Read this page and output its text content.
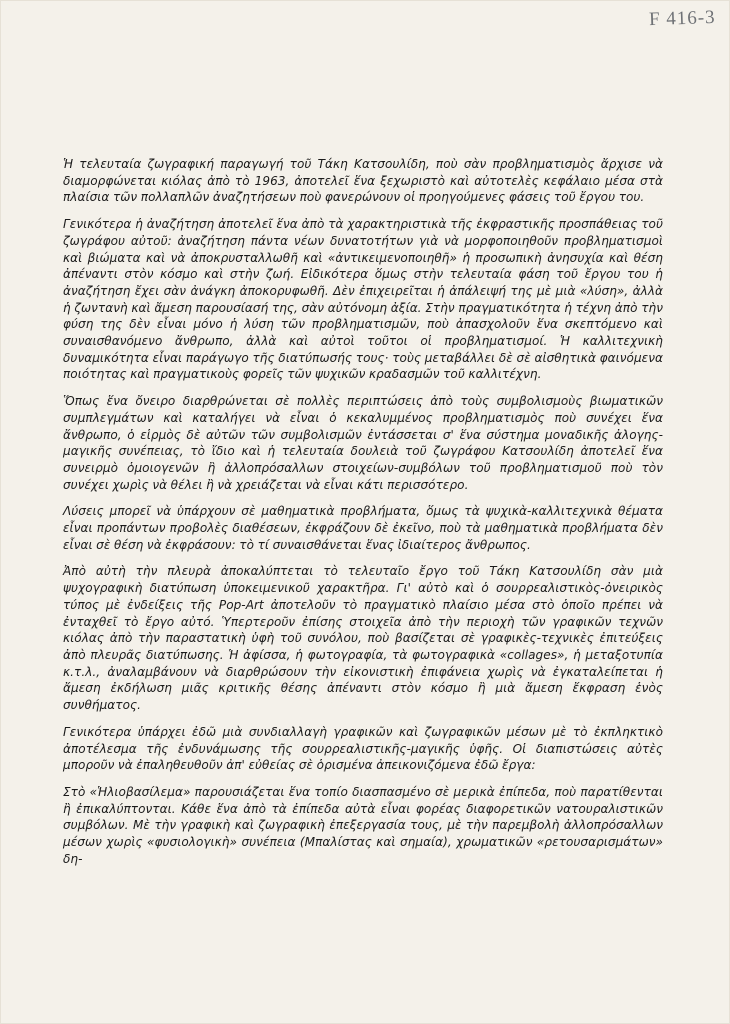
F 416-3

Ἡ τελευταία ζωγραφική παραγωγή τοῦ Τάκη Κατσουλίδη, ποὺ σὰν προβληματισμὸς ἄρχισε νὰ διαμορφώνεται κιόλας ἀπὸ τὸ 1963, ἀποτελεῖ ἕνα ξεχωριστὸ καὶ αὐτοτελὲς κεφάλαιο μέσα στὰ πλαίσια τῶν πολλαπλῶν ἀναζητήσεων ποὺ φανερώνουν οἱ προηγούμενες φάσεις τοῦ ἔργου του.

Γενικότερα ἡ ἀναζήτηση ἀποτελεῖ ἕνα ἀπὸ τὰ χαρακτηριστικὰ τῆς ἐκφραστικῆς προσπάθειας τοῦ ζωγράφου αὐτοῦ: ἀναζήτηση πάντα νέων δυνατοτήτων γιὰ νὰ μορφοποιηθοῦν προβληματισμοὶ καὶ βιώματα καὶ νὰ ἀποκρυσταλλωθῆ καὶ «ἀντικειμενοποιηθῆ» ἡ προσωπικὴ ἀνησυχία καὶ θέση ἀπέναντι στὸν κόσμο καὶ στὴν ζωή. Εἰδικότερα ὅμως στὴν τελευταία φάση τοῦ ἔργου του ἡ ἀναζήτηση ἔχει σὰν ἀνάγκη ἀποκορυφωθῆ. Δὲν ἐπιχειρεῖται ἡ ἀπάλειψή της μὲ μιὰ «λύση», ἀλλὰ ἡ ζωντανὴ καὶ ἄμεση παρουσίασή της, σὰν αὐτόνομη ἀξία. Στὴν πραγματικότητα ἡ τέχνη ἀπὸ τὴν φύση της δὲν εἶναι μόνο ἡ λύση τῶν προβληματισμῶν, ποὺ ἀπασχολοῦν ἕνα σκεπτόμενο καὶ συναισθανόμενο ἄνθρωπο, ἀλλὰ καὶ αὐτοὶ τοῦτοι οἱ προβληματισμοί. Ἡ καλλιτεχνικὴ δυναμικότητα εἶναι παράγωγο τῆς διατύπωσής τους· τοὺς μεταβάλλει δὲ σὲ αἰσθητικὰ φαινόμενα ποιότητας καὶ πραγματικοὺς φορεῖς τῶν ψυχικῶν κραδασμῶν τοῦ καλλιτέχνη.

Ὅπως ἕνα ὄνειρο διαρθρώνεται σὲ πολλὲς περιπτώσεις ἀπὸ τοὺς συμβολισμοὺς βιωματικῶν συμπλεγμάτων καὶ καταλήγει νὰ εἶναι ὁ κεκαλυμμένος προβληματισμὸς ποὺ συνέχει ἕνα ἄνθρωπο, ὁ εἱρμὸς δὲ αὐτῶν τῶν συμβολισμῶν ἐντάσσεται σ' ἕνα σύστημα μοναδικῆς ἀλογης-μαγικῆς συνέπειας, τὸ ἴδιο καὶ ἡ τελευταία δουλειὰ τοῦ ζωγράφου Κατσουλίδη ἀποτελεῖ ἕνα συνειρμὸ ὁμοιογενῶν ἢ ἀλλοπρόσαλλων στοιχείων-συμβόλων τοῦ προβληματισμοῦ ποὺ τὸν συνέχει χωρὶς νὰ θέλει ἢ νὰ χρειάζεται νὰ εἶναι κάτι περισσότερο.

Λύσεις μπορεῖ νὰ ὑπάρχουν σὲ μαθηματικὰ προβλήματα, ὅμως τὰ ψυχικὰ-καλλιτεχνικὰ θέματα εἶναι προπάντων προβολὲς διαθέσεων, ἐκφράζουν δὲ ἐκεῖνο, ποὺ τὰ μαθηματικὰ προβλήματα δὲν εἶναι σὲ θέση νὰ ἐκφράσουν: τὸ τί συναισθάνεται ἕνας ἰδιαίτερος ἄνθρωπος.

Ἀπὸ αὐτὴ τὴν πλευρὰ ἀποκαλύπτεται τὸ τελευταῖο ἔργο τοῦ Τάκη Κατσουλίδη σὰν μιὰ ψυχογραφικὴ διατύπωση ὑποκειμενικοῦ χαρακτῆρα. Γι' αὐτὸ καὶ ὁ σουρρεαλιστικὸς-ὀνειρικὸς τύπος μὲ ἐνδείξεις τῆς Pop-Art ἀποτελοῦν τὸ πραγματικὸ πλαίσιο μέσα στὸ ὁποῖο πρέπει νὰ ἐνταχθεῖ τὸ ἔργο αὐτό. Ὑπερτεροῦν ἐπίσης στοιχεῖα ἀπὸ τὴν περιοχὴ τῶν γραφικῶν τεχνῶν κιόλας ἀπὸ τὴν παραστατικὴ ὑφὴ τοῦ συνόλου, ποὺ βασίζεται σὲ γραφικὲς-τεχνικὲς ἐπιτεύξεις ἀπὸ πλευρᾶς διατύπωσης. Ἡ ἀφίσσα, ἡ φωτογραφία, τὰ φωτογραφικὰ «collages», ἡ μεταξοτυπία κ.τ.λ., ἀναλαμβάνουν νὰ διαρθρώσουν τὴν εἰκονιστικὴ ἐπιφάνεια χωρὶς νὰ ἐγκαταλείπεται ἡ ἄμεση ἐκδήλωση μιᾶς κριτικῆς θέσης ἀπέναντι στὸν κόσμο ἢ μιὰ ἄμεση ἔκφραση ἑνὸς συνθήματος.

Γενικότερα ὑπάρχει ἐδῶ μιὰ συνδιαλλαγὴ γραφικῶν καὶ ζωγραφικῶν μέσων μὲ τὸ ἐκπληκτικὸ ἀποτέλεσμα τῆς ἐνδυνάμωσης τῆς σουρρεαλιστικῆς-μαγικῆς ὑφῆς. Οἱ διαπιστώσεις αὐτὲς μποροῦν νὰ ἐπαληθευθοῦν ἀπ' εὐθείας σὲ ὁρισμένα ἀπεικονιζόμενα ἐδῶ ἔργα:

Στὸ «Ἡλιοβασίλεμα» παρουσιάζεται ἕνα τοπίο διασπασμένο σὲ μερικὰ ἐπίπεδα, ποὺ παρατίθενται ἢ ἐπικαλύπτονται. Κάθε ἕνα ἀπὸ τὰ ἐπίπεδα αὐτὰ εἶναι φορέας διαφορετικῶν νατουραλιστικῶν συμβόλων. Μὲ τὴν γραφικὴ καὶ ζωγραφικὴ ἐπεξεργασία τους, μὲ τὴν παρεμβολὴ ἀλλοπρόσαλλων μέσων χωρὶς «φυσιολογικὴ» συνέπεια (Μπαλίστας καὶ σημαία), χρωματικῶν «ρετουσαρισμάτων» δη-
